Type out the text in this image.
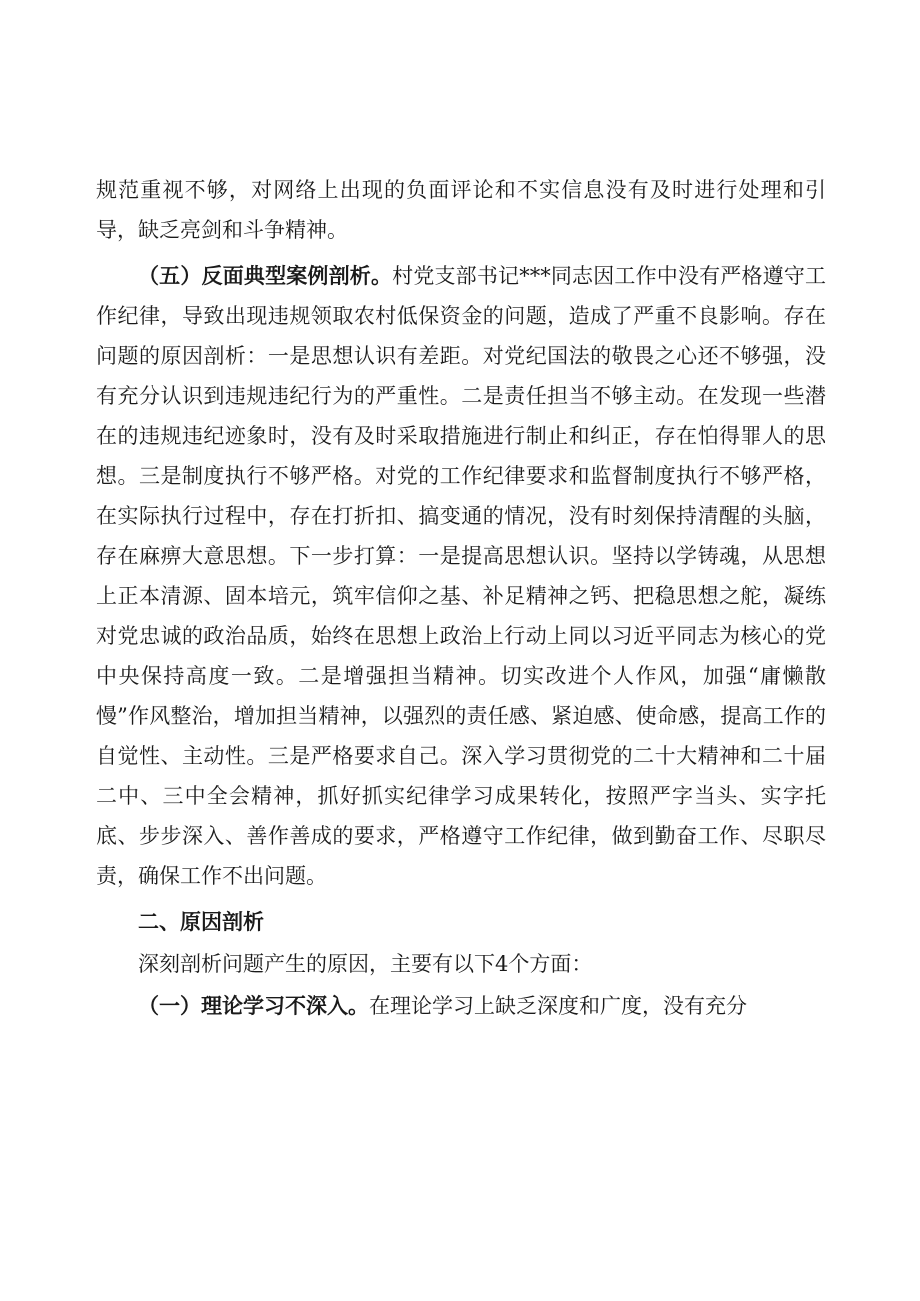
规范重视不够，对网络上出现的负面评论和不实信息没有及时进行处理和引导，缺乏亮剑和斗争精神。

（五）反面典型案例剖析。村党支部书记***同志因工作中没有严格遵守工作纪律，导致出现违规领取农村低保资金的问题，造成了严重不良影响。存在问题的原因剖析：一是思想认识有差距。对党纪国法的敬畏之心还不够强，没有充分认识到违规违纪行为的严重性。二是责任担当不够主动。在发现一些潜在的违规违纪迹象时，没有及时采取措施进行制止和纠正，存在怕得罪人的思想。三是制度执行不够严格。对党的工作纪律要求和监督制度执行不够严格，在实际执行过程中，存在打折扣、搞变通的情况，没有时刻保持清醒的头脑，存在麻痹大意思想。下一步打算：一是提高思想认识。坚持以学铸魂，从思想上正本清源、固本培元，筑牢信仰之基、补足精神之钙、把稳思想之舵，凝练对党忠诚的政治品质，始终在思想上政治上行动上同以习近平同志为核心的党中央保持高度一致。二是增强担当精神。切实改进个人作风，加强“庸懒散慢”作风整治，增加担当精神，以强烈的责任感、紧迫感、使命感，提高工作的自觉性、主动性。三是严格要求自己。深入学习贯彻党的二十大精神和二十届二中、三中全会精神，抓好抓实纪律学习成果转化，按照严字当头、实字托底、步步深入、善作善成的要求，严格遵守工作纪律，做到勤奋工作、尽职尽责，确保工作不出问题。

二、原因剖析

深刻剖析问题产生的原因，主要有以下4个方面：

（一）理论学习不深入。在理论学习上缺乏深度和广度，没有充分
